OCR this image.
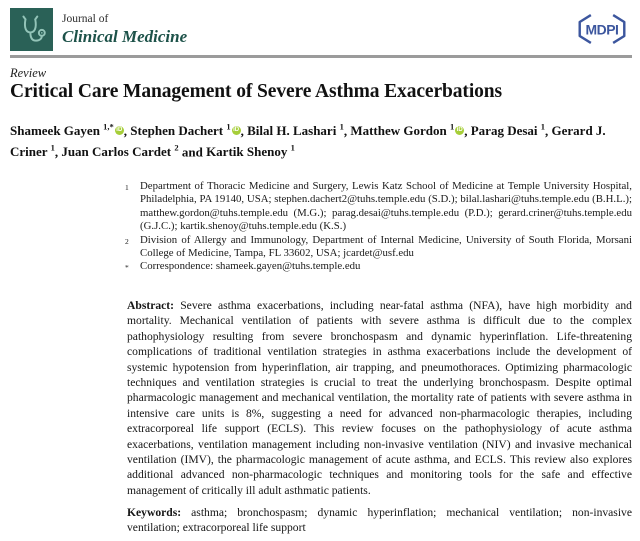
Journal of
Clinical Medicine	MDPI
Review
Critical Care Management of Severe Asthma Exacerbations
Shameek Gayen $^{1,*}$ iD , Stephen Dachert $^1$ iD , Bilal H. Lashari $^1$, Matthew Gordon $^1$ iD , Parag Desai $^1$, Gerard J. Criner $^1$, Juan Carlos Cardet $^2$ and Kartik Shenoy $^1$
1	Department of Thoracic Medicine and Surgery, Lewis Katz School of Medicine at Temple University Hospital, Philadelphia, PA 19140, USA; stephen.dachert2@tuhs.temple.edu (S.D.); bilal.lashari@tuhs.temple.edu (B.H.L.); matthew.gordon@tuhs.temple.edu (M.G.); parag.desai@tuhs.temple.edu (P.D.); gerard.criner@tuhs.temple.edu (G.J.C.); kartik.shenoy@tuhs.temple.edu (K.S.)
2	Division of Allergy and Immunology, Department of Internal Medicine, University of South Florida, Morsani College of Medicine, Tampa, FL 33602, USA; jcardet@usf.edu
*	Correspondence: shameek.gayen@tuhs.temple.edu
Abstract: Severe asthma exacerbations, including near-fatal asthma (NFA), have high morbidity and mortality. Mechanical ventilation of patients with severe asthma is difficult due to the complex pathophysiology resulting from severe bronchospasm and dynamic hyperinflation. Life-threatening complications of traditional ventilation strategies in asthma exacerbations include the development of systemic hypotension from hyperinflation, air trapping, and pneumothoraces. Optimizing pharmacologic techniques and ventilation strategies is crucial to treat the underlying bronchospasm. Despite optimal pharmacologic management and mechanical ventilation, the mortality rate of patients with severe asthma in intensive care units is 8%, suggesting a need for advanced non-pharmacologic therapies, including extracorporeal life support (ECLS). This review focuses on the pathophysiology of acute asthma exacerbations, ventilation management including non-invasive ventilation (NIV) and invasive mechanical ventilation (IMV), the pharmacologic management of acute asthma, and ECLS. This review also explores additional advanced non-pharmacologic techniques and monitoring tools for the safe and effective management of critically ill adult asthmatic patients.
Keywords: asthma; bronchospasm; dynamic hyperinflation; mechanical ventilation; non-invasive ventilation; extracorporeal life support
